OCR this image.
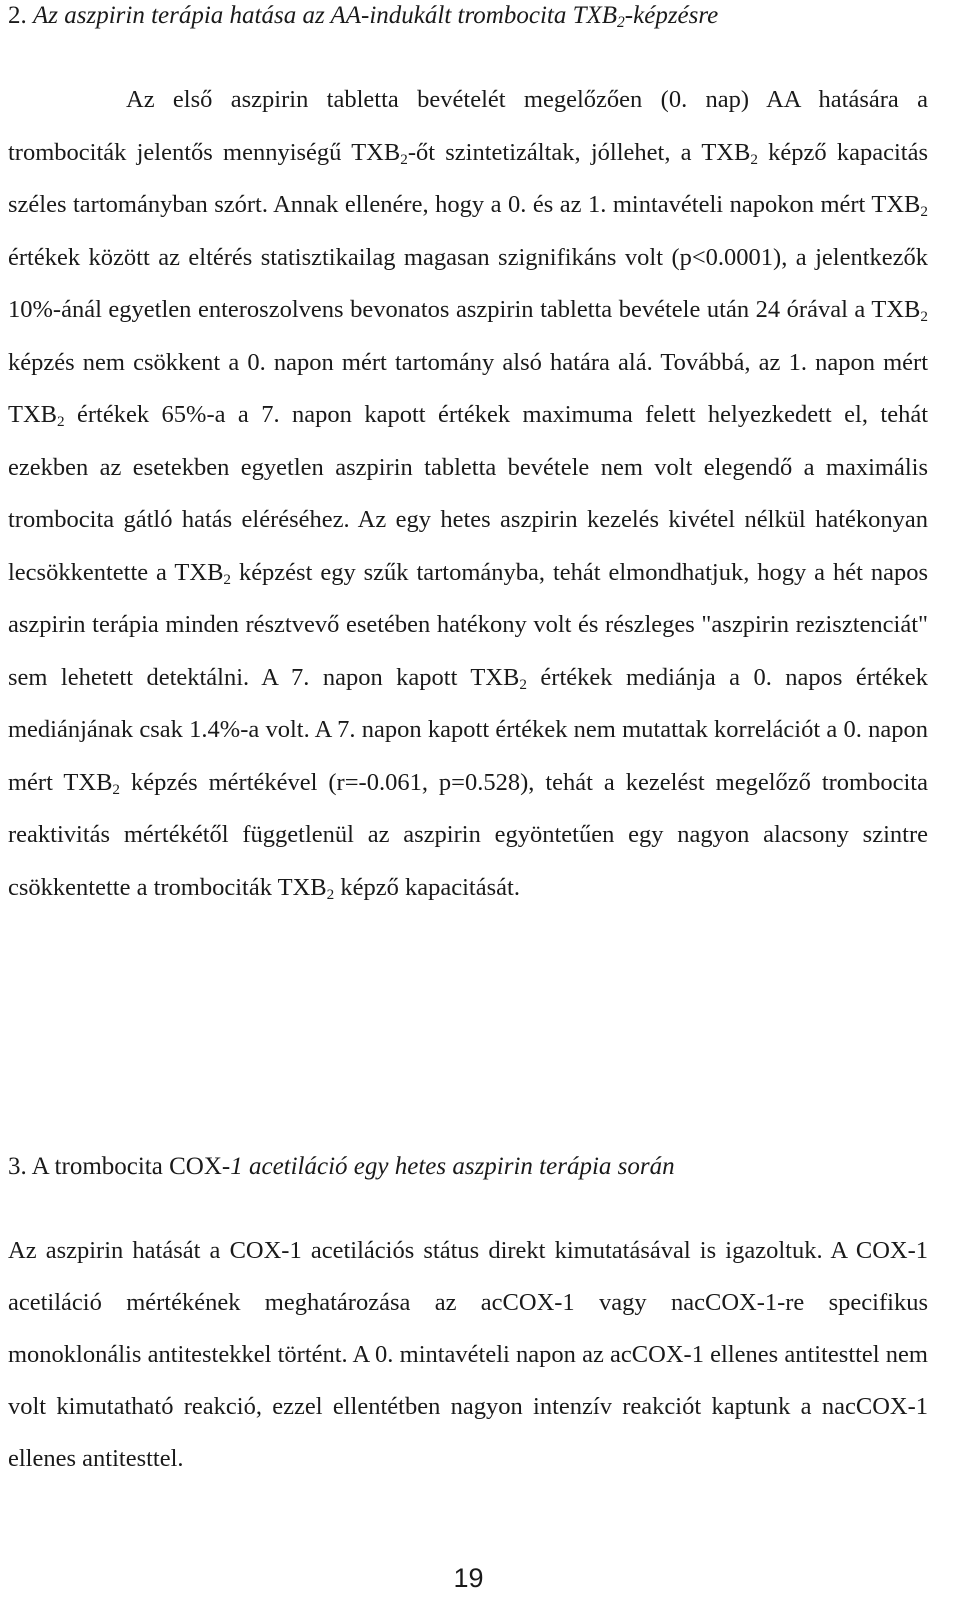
2. Az aszpirin terápia hatása az AA-indukált trombocita $TXB_2$-képzésre

Az első aszpirin tabletta bevételét megelőzően (0. nap) AA hatására a trombociták jelentős mennyiségű $TXB_2-őt$ szintetizáltak, jóllehet, a $TXB_2$ képző kapacitás széles tartományban szórt. Annak ellenére, hogy a 0. és az 1. mintavételi napokon mért $TXB_2$ értékek között az eltérés statisztikailag magasan szignifikáns volt (p<0.0001), a jelentkezők 10%-ánál egyetlen enteroszolvens bevonatos aszpirin tabletta bevétele után 24 órával a $TXB_2$ képzés nem csökkent a 0. napon mért tartomány alsó határa alá. Továbbá, az 1. napon mért $TXB_2$ értékek 65%-a a 7. napon kapott értékek maximuma felett helyezkedett el, tehát ezekben az esetekben egyetlen aszpirin tabletta bevétele nem volt elegendő a maximális trombocita gátló hatás eléréséhez. Az egy hetes aszpirin kezelés kivétel nélkül hatékonyan lecsökkentette a $TXB_2$ képzést egy szűk tartományba, tehát elmondhatjuk, hogy a hét napos aszpirin terápia minden résztvevő esetében hatékony volt és részleges "aszpirin rezisztenciát" sem lehetett detektálni. A 7. napon kapott $TXB_2$ értékek mediánja a 0. napos értékek mediánjának csak 1.4%-a volt. A 7. napon kapott értékek nem mutattak korrelációt a 0. napon mért $TXB_2$ képzés mértékével (r=-0.061, p=0.528), tehát a kezelést megelőző trombocita reaktivitás mértékétől függetlenül az aszpirin egyöntetűen egy nagyon alacsony szintre csökkentette a trombociták $TXB_2$ képző kapacitását.

3. A trombocita COX-1 acetiláció egy hetes aszpirin terápia során

Az aszpirin hatását a COX-1 acetilációs státus direkt kimutatásával is igazoltuk. A COX-1 acetiláció mértékének meghatározása az acCOX-1 vagy nacCOX-1-re specifikus monoklonális antitestekkel történt. A 0. mintavételi napon az acCOX-1 ellenes antitesttel nem volt kimutatható reakció, ezzel ellentétben nagyon intenzív reakciót kaptunk a nacCOX-1 ellenes antitesttel.

19
